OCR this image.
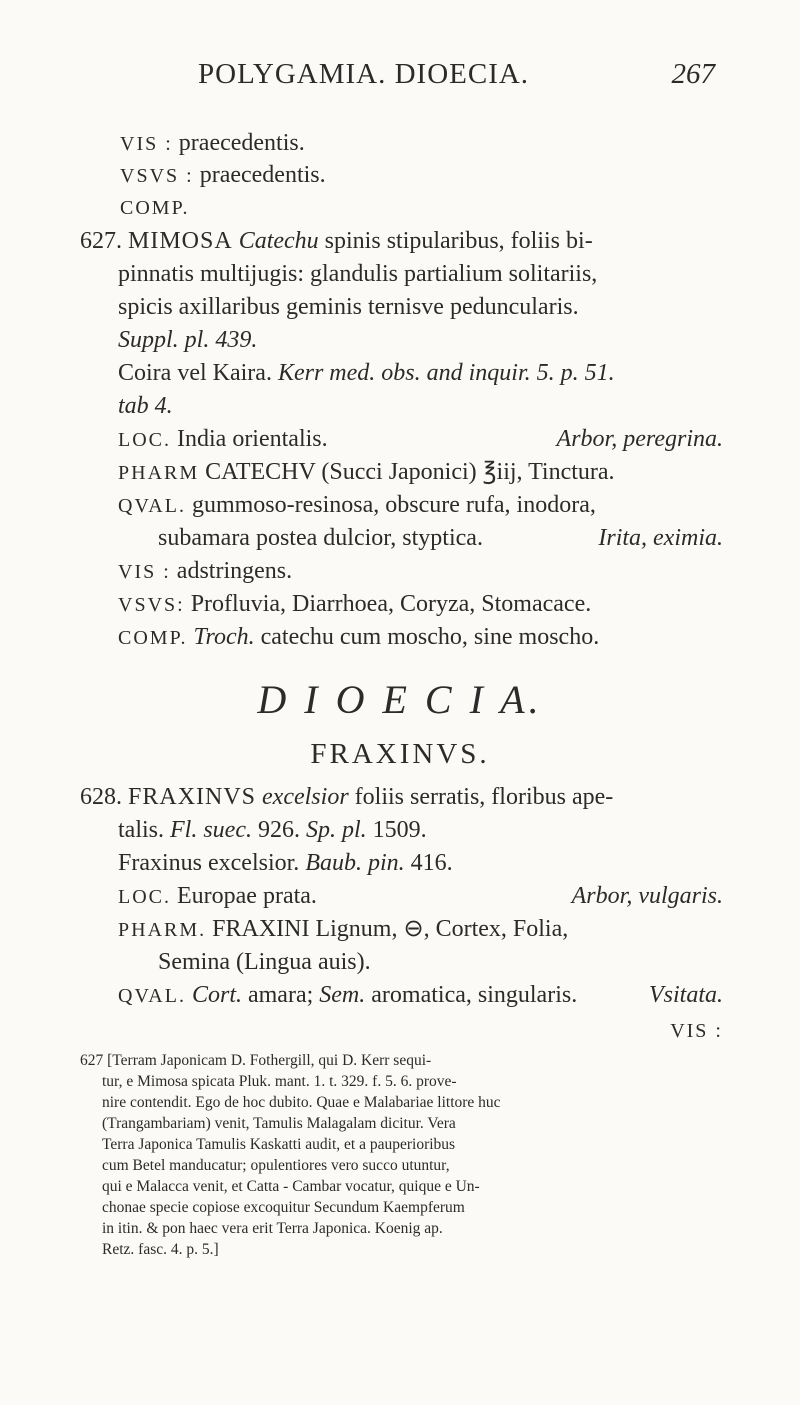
POLYGAMIA. DIOECIA.	267
VIS : praecedentis.
VSVS : praecedentis.
COMP.
627. MIMOSA Catechu spinis stipularibus, foliis bi-
pinnatis multijugis: glandulis partialium solitariis,
spicis axillaribus geminis ternisve peduncularis.
Suppl. pl. 439.
Coira vel Kaira. Kerr med. obs. and inquir. 5. p. 51.
tab 4.
LOC. India orientalis.	Arbor, peregrina.
PHARM CATECHV (Succi Japonici) ℥iij, Tinctura.
QVAL. gummoso-resinosa, obscure rufa, inodora,
subamara postea dulcior, styptica.	Irita, eximia.
VIS : adstringens.
VSVS: Profluvia, Diarrhoea, Coryza, Stomacace.
COMP. Troch. catechu cum moscho, sine moscho.
D I O E C I A.
FRAXINVS.
628. FRAXINVS excelsior foliis serratis, floribus ape-
talis. Fl. suec. 926. Sp. pl. 1509.
Fraxinus excelsior. Baub. pin. 416.
LOC. Europae prata.	Arbor, vulgaris.
PHARM. FRAXINI Lignum, ⊖, Cortex, Folia,
Semina (Lingua auis).
QVAL. Cort. amara; Sem. aromatica, singularis.	Vsitata.
VIS :
627 [Terram Japonicam D. Fothergill, qui D. Kerr sequi-
tur, e Mimosa spicata Pluk. mant. 1. t. 329. f. 5. 6. prove-
nire contendit. Ego de hoc dubito. Quae e Malabariae littore huc
(Trangambariam) venit, Tamulis Malagalam dicitur. Vera
Terra Japonica Tamulis Kaskatti audit, et a pauperioribus
cum Betel manducatur; opulentiores vero succo utuntur,
qui e Malacca venit, et Catta - Cambar vocatur, quique e Un-
chonae specie copiose excoquitur Secundum Kaempferum
in itin. & pon haec vera erit Terra Japonica. Koenig ap.
Retz. fasc. 4. p. 5.]
